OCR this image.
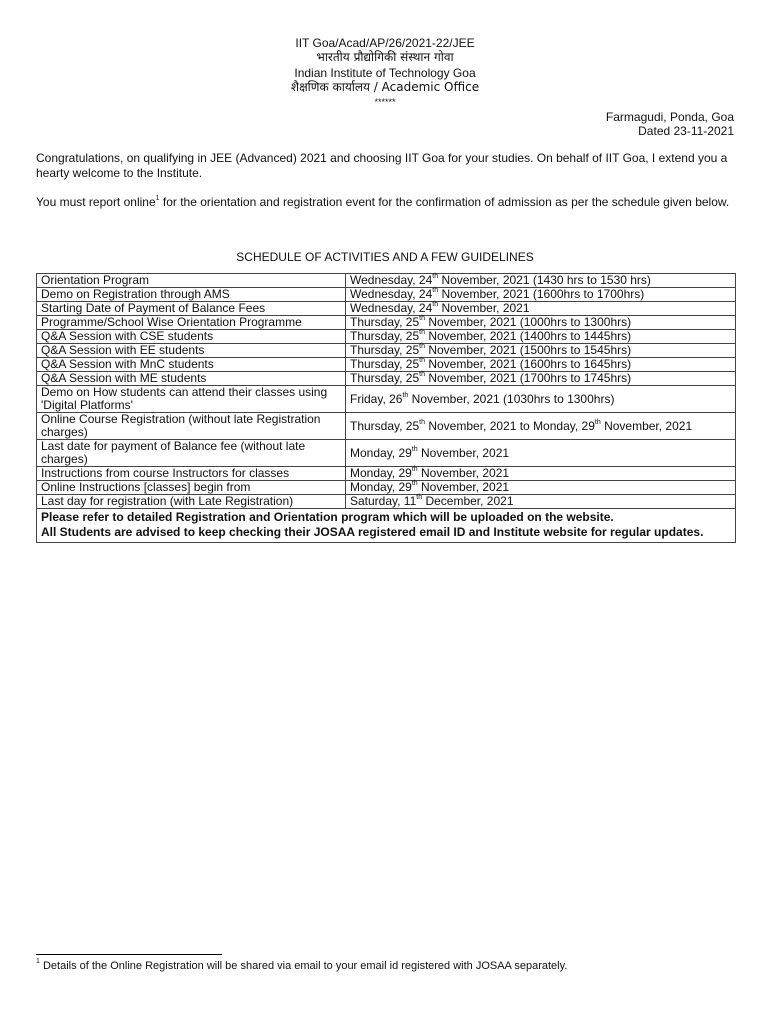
IIT Goa/Acad/AP/26/2021-22/JEE
भारतीय प्रौद्योगिकी संस्थान गोवा
Indian Institute of Technology Goa
शैक्षणिक कार्यालय / Academic Office
******
Farmagudi, Ponda, Goa
Dated 23-11-2021
Congratulations, on qualifying in JEE (Advanced) 2021 and choosing IIT Goa for your studies. On behalf of IIT Goa, I extend you a hearty welcome to the Institute.
You must report online$^1$ for the orientation and registration event for the confirmation of admission as per the schedule given below.
SCHEDULE OF ACTIVITIES AND A FEW GUIDELINES
Orientation Program	Wednesday, 24th November, 2021 (1430 hrs to 1530 hrs)
Demo on Registration through AMS	Wednesday, 24th November, 2021 (1600hrs to 1700hrs)
Starting Date of Payment of Balance Fees	Wednesday, 24th November, 2021
Programme/School Wise Orientation Programme	Thursday, 25th November, 2021 (1000hrs to 1300hrs)
Q&A Session with CSE students	Thursday, 25th November, 2021 (1400hrs to 1445hrs)
Q&A Session with EE students	Thursday, 25th November, 2021 (1500hrs to 1545hrs)
Q&A Session with MnC students	Thursday, 25th November, 2021 (1600hrs to 1645hrs)
Q&A Session with ME students	Thursday, 25th November, 2021 (1700hrs to 1745hrs)
Demo on How students can attend their classes using 'Digital Platforms'	Friday, 26th November, 2021 (1030hrs to 1300hrs)
Online Course Registration (without late Registration charges)	Thursday, 25th November, 2021 to Monday, 29th November, 2021
Last date for payment of Balance fee (without late charges)	Monday, 29th November, 2021
Instructions from course Instructors for classes	Monday, 29th November, 2021
Online Instructions [classes] begin from	Monday, 29th November, 2021
Last day for registration (with Late Registration)	Saturday, 11th December, 2021

Please refer to detailed Registration and Orientation program which will be uploaded on the website.
All Students are advised to keep checking their JOSAA registered email ID and Institute website for regular updates.	
$^1$ Details of the Online Registration will be shared via email to your email id registered with JOSAA separately.
